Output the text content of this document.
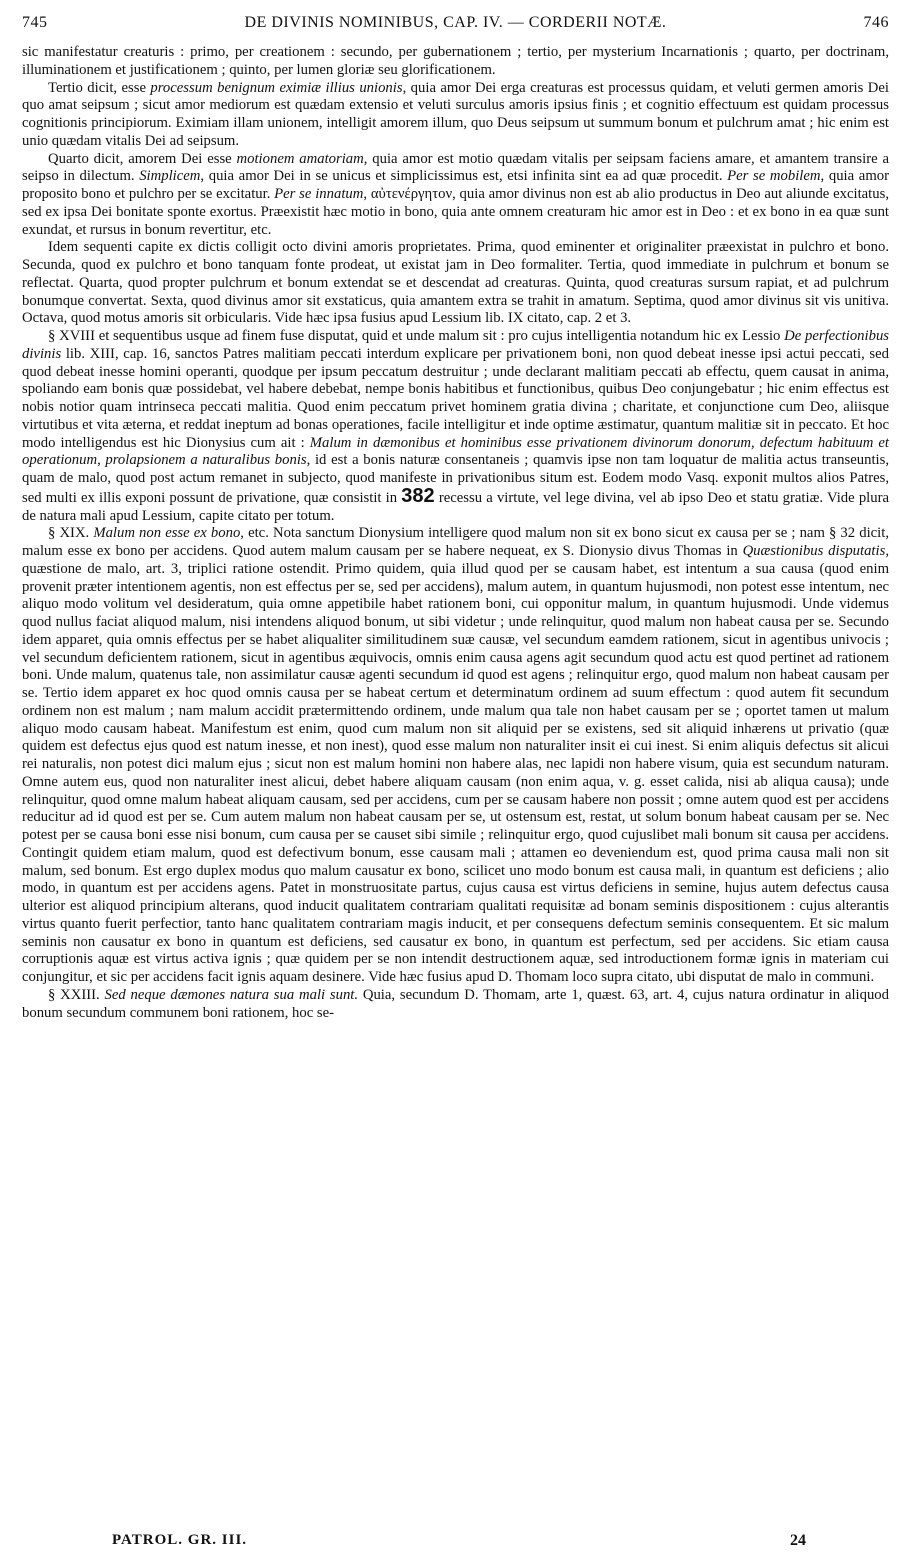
745	DE DIVINIS NOMINIBUS, CAP. IV. — CORDERII NOTÆ.	746

sic manifestatur creaturis : primo, per creationem : secundo, per gubernationem ; tertio, per mysterium Incarnationis ; quarto, per doctrinam, illuminationem et justificationem ; quinto, per lumen gloriæ seu glorificationem.

Tertio dicit, esse processum benignum eximiæ illius unionis, quia amor Dei erga creaturas est processus quidam, et veluti germen amoris Dei quo amat seipsum ; sicut amor mediorum est quædam extensio et veluti surculus amoris ipsius finis ; et cognitio effectuum est quidam processus cognitionis principiorum. Eximiam illam unionem, intelligit amorem illum, quo Deus seipsum ut summum bonum et pulchrum amat ; hic enim est unio quædam vitalis Dei ad seipsum.

Quarto dicit, amorem Dei esse motionem amatoriam, quia amor est motio quædam vitalis per seipsam faciens amare, et amantem transire a seipso in dilectum. Simplicem, quia amor Dei in se unicus et simplicissimus est, etsi infinita sint ea ad quæ procedit. Per se mobilem, quia amor proposito bono et pulchro per se excitatur. Per se innatum, αὐτενέργητον, quia amor divinus non est ab alio productus in Deo aut aliunde excitatus, sed ex ipsa Dei bonitate sponte exortus. Præexistit hæc motio in bono, quia ante omnem creaturam hic amor est in Deo : et ex bono in ea quæ sunt exundat, et rursus in bonum revertitur, etc.

Idem sequenti capite ex dictis colligit octo divini amoris proprietates. Prima, quod eminenter et originaliter præexistat in pulchro et bono. Secunda, quod ex pulchro et bono tanquam fonte prodeat, ut existat jam in Deo formaliter. Tertia, quod immediate in pulchrum et bonum se reflectat. Quarta, quod propter pulchrum et bonum extendat se et descendat ad creaturas. Quinta, quod creaturas sursum rapiat, et ad pulchrum bonumque convertat. Sexta, quod divinus amor sit exstaticus, quia amantem extra se trahit in amatum. Septima, quod amor divinus sit vis unitiva. Octava, quod motus amoris sit orbicularis. Vide hæc ipsa fusius apud Lessium lib. IX citato, cap. 2 et 3.

§ XVIII et sequentibus usque ad finem fuse disputat, quid et unde malum sit : pro cujus intelligentia notandum hic ex Lessio De perfectionibus divinis lib. XIII, cap. 16, sanctos Patres malitiam peccati interdum explicare per privationem boni, non quod debeat inesse ipsi actui peccati, sed quod debeat inesse homini operanti, quodque per ipsum peccatum destruitur ; unde declarant malitiam peccati ab effectu, quem causat in anima, spoliando eam bonis quæ possidebat, vel habere debebat, nempe bonis habitibus et functionibus, quibus Deo conjungebatur ; hic enim effectus est nobis notior quam intrinseca peccati malitia. Quod enim peccatum privet hominem gratia divina ; charitate, et conjunctione cum Deo, aliisque virtutibus et vita æterna, et reddat ineptum ad bonas operationes, facile intelligitur et inde optime æstimatur, quantum malitiæ sit in peccato. Et hoc modo intelligendus est hic Dionysius cum ait : Malum in dæmonibus et hominibus esse privationem divinorum donorum, defectum habituum et operationum, prolapsionem a naturalibus bonis, id est a bonis naturæ consentaneis ; quamvis ipse non tam loquatur de malitia actus transeuntis, quam de malo, quod post actum remanet in subjecto, quod manifeste in privationibus situm est. Eodem modo Vasq. exponit multos alios Patres, sed multi ex illis exponi possunt de privatione, quæ consistit in 382 recessu a virtute, vel lege divina, vel ab ipso Deo et statu gratiæ. Vide plura de natura mali apud Lessium, capite citato per totum.

§ XIX. Malum non esse ex bono, etc. Nota sanctum Dionysium intelligere quod malum non sit ex bono sicut ex causa per se ; nam § 32 dicit, malum esse ex bono per accidens. Quod autem malum causam per se habere nequeat, ex S. Dionysio divus Thomas in Quæstionibus disputatis, quæstione de malo, art. 3, triplici ratione ostendit. Primo quidem, quia illud quod per se causam habet, est intentum a sua causa (quod enim provenit præter intentionem agentis, non est effectus per se, sed per accidens), malum autem, in quantum hujusmodi, non potest esse intentum, nec aliquo modo volitum vel desideratum, quia omne appetibile habet rationem boni, cui opponitur malum, in quantum hujusmodi. Unde videmus quod nullus faciat aliquod malum, nisi intendens aliquod bonum, ut sibi videtur ; unde relinquitur, quod malum non habeat causa per se. Secundo idem apparet, quia omnis effectus per se habet aliqualiter similitudinem suæ causæ, vel secundum eamdem rationem, sicut in agentibus univocis ; vel secundum deficientem rationem, sicut in agentibus æquivocis, omnis enim causa agens agit secundum quod actu est quod pertinet ad rationem boni. Unde malum, quatenus tale, non assimilatur causæ agenti secundum id quod est agens ; relinquitur ergo, quod malum non habeat causam per se. Tertio idem apparet ex hoc quod omnis causa per se habeat certum et determinatum ordinem ad suum effectum : quod autem fit secundum ordinem non est malum ; nam malum accidit prætermittendo ordinem, unde malum qua tale non habet causam per se ; oportet tamen ut malum aliquo modo causam habeat. Manifestum est enim, quod cum malum non sit aliquid per se existens, sed sit aliquid inhærens ut privatio (quæ quidem est defectus ejus quod est natum inesse, et non inest), quod esse malum non naturaliter insit ei cui inest. Si enim aliquis defectus sit alicui rei naturalis, non potest dici malum ejus ; sicut non est malum homini non habere alas, nec lapidi non habere visum, quia est secundum naturam. Omne autem eus, quod non naturaliter inest alicui, debet habere aliquam causam (non enim aqua, v. g. esset calida, nisi ab aliqua causa); unde relinquitur, quod omne malum habeat aliquam causam, sed per accidens, cum per se causam habere non possit ; omne autem quod est per accidens reducitur ad id quod est per se. Cum autem malum non habeat causam per se, ut ostensum est, restat, ut solum bonum habeat causam per se. Nec potest per se causa boni esse nisi bonum, cum causa per se causet sibi simile ; relinquitur ergo, quod cujuslibet mali bonum sit causa per accidens. Contingit quidem etiam malum, quod est defectivum bonum, esse causam mali ; attamen eo deveniendum est, quod prima causa mali non sit malum, sed bonum. Est ergo duplex modus quo malum causatur ex bono, scilicet uno modo bonum est causa mali, in quantum est deficiens ; alio modo, in quantum est per accidens agens. Patet in monstruositate partus, cujus causa est virtus deficiens in semine, hujus autem defectus causa ulterior est aliquod principium alterans, quod inducit qualitatem contrariam qualitati requisitæ ad bonam seminis dispositionem : cujus alterantis virtus quanto fuerit perfectior, tanto hanc qualitatem contrariam magis inducit, et per consequens defectum seminis consequentem. Et sic malum seminis non causatur ex bono in quantum est deficiens, sed causatur ex bono, in quantum est perfectum, sed per accidens. Sic etiam causa corruptionis aquæ est virtus activa ignis ; quæ quidem per se non intendit destructionem aquæ, sed introductionem formæ ignis in materiam cui conjungitur, et sic per accidens facit ignis aquam desinere. Vide hæc fusius apud D. Thomam loco supra citato, ubi disputat de malo in communi.

§ XXIII. Sed neque dæmones natura sua mali sunt. Quia, secundum D. Thomam, arte 1, quæst. 63, art. 4, cujus natura ordinatur in aliquod bonum secundum communem boni rationem, hoc se-

PATROL. GR. III.	24
